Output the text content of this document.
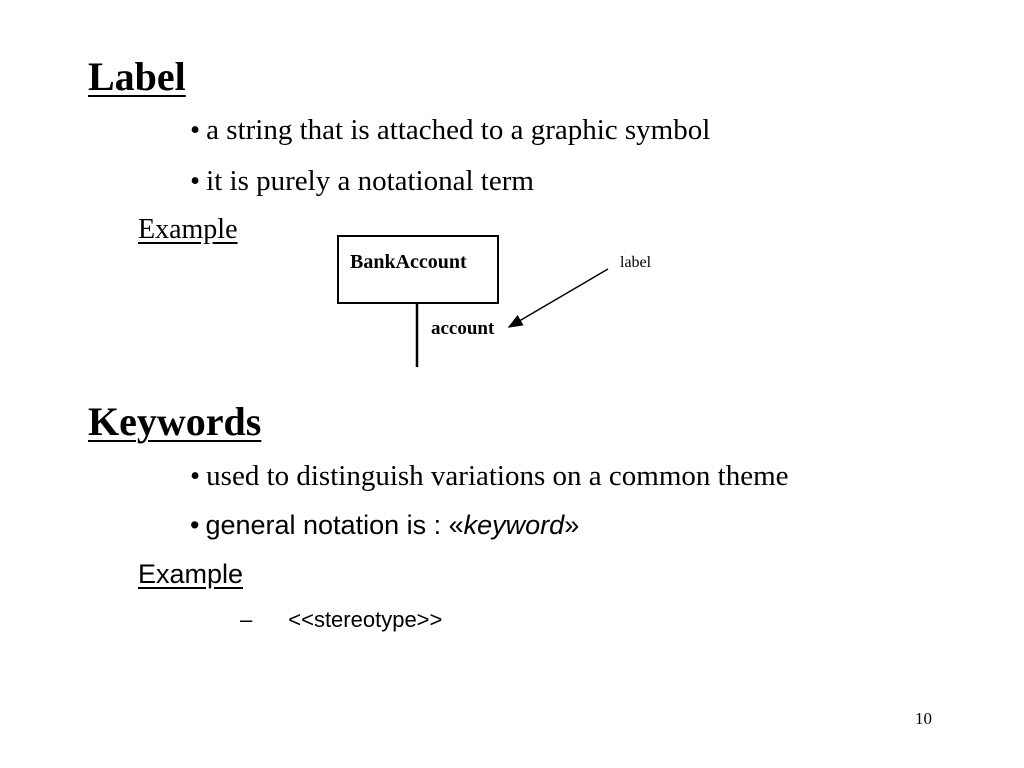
Label
• a string that is attached to a graphic symbol
• it is purely a notational term
Example
BankAccount
account
label
Keywords
• used to distinguish variations on a common theme
• general notation is : «keyword»
Example
– <<stereotype>>
10
